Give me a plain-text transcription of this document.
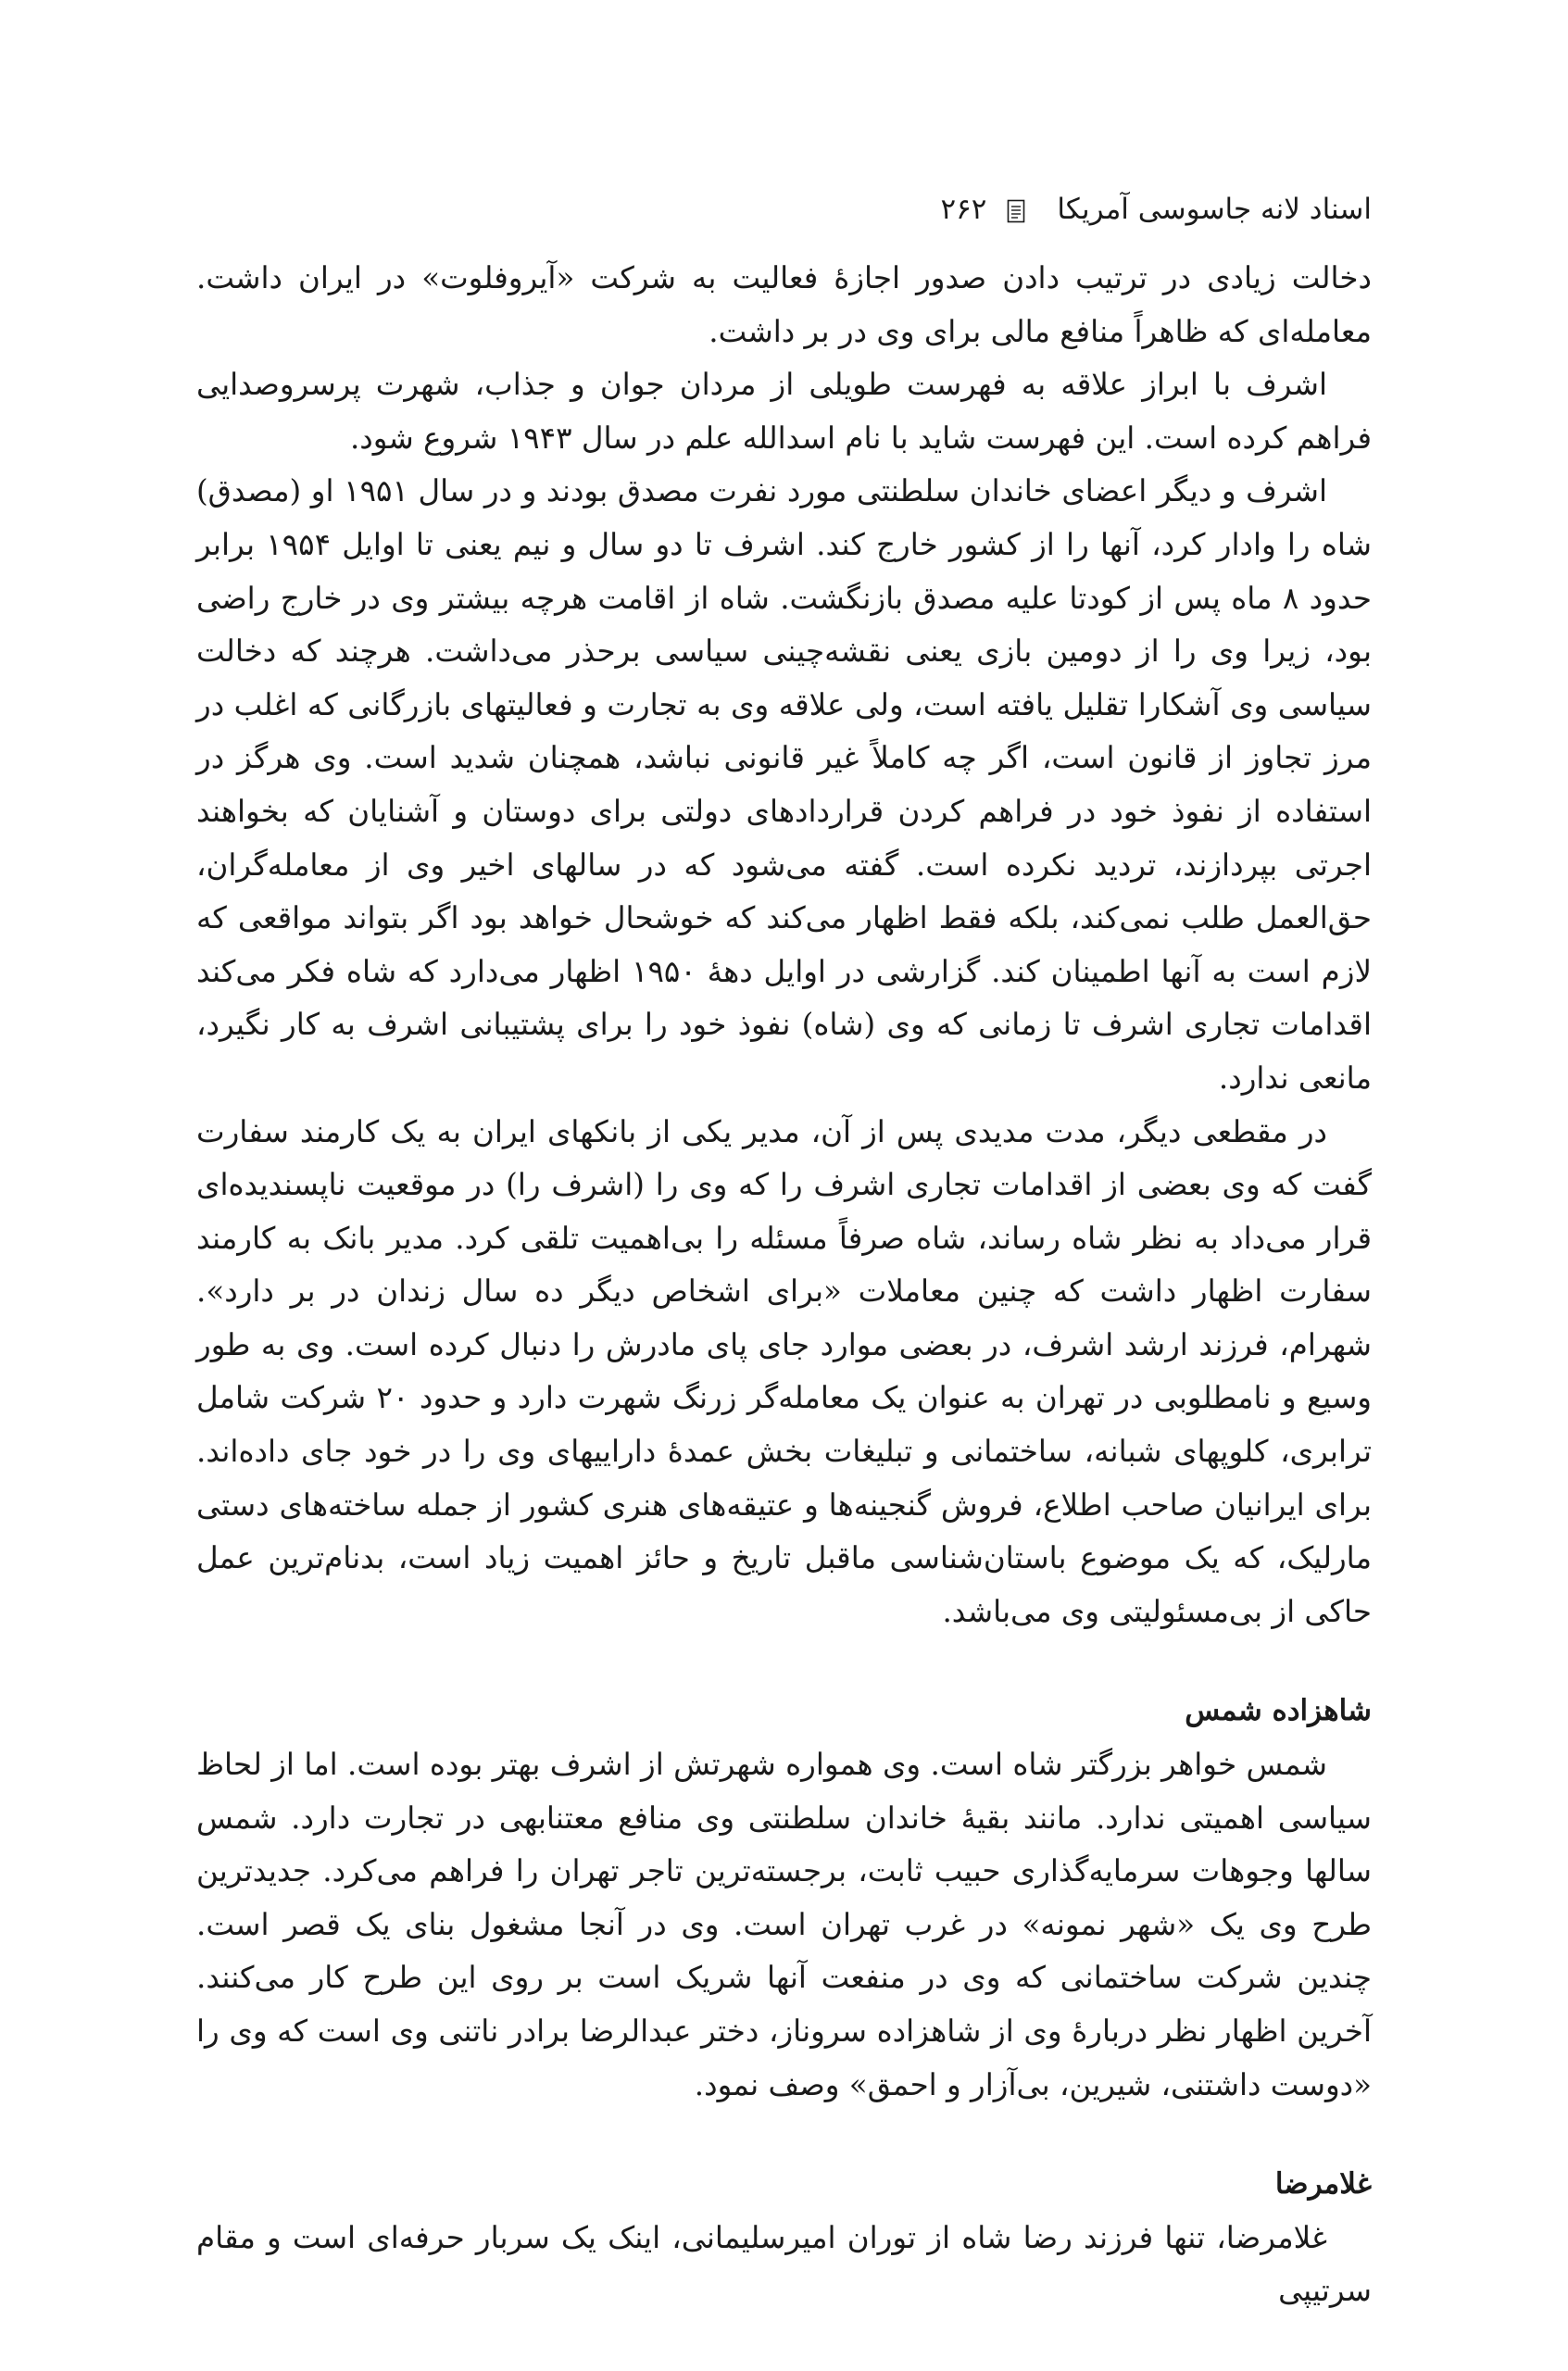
اسناد لانه جاسوسی آمریکا
۲۶۲

دخالت زیادی در ترتیب دادن صدور اجازهٔ فعالیت به شرکت «آیروفلوت» در ایران داشت. معامله‌ای که ظاهراً منافع مالی برای وی در بر داشت.

اشرف با ابراز علاقه به فهرست طویلی از مردان جوان و جذاب، شهرت پرسروصدایی فراهم کرده است. این فهرست شاید با نام اسدالله علم در سال ۱۹۴۳ شروع شود.

اشرف و دیگر اعضای خاندان سلطنتی مورد نفرت مصدق بودند و در سال ۱۹۵۱ او (مصدق) شاه را وادار کرد، آنها را از کشور خارج کند. اشرف تا دو سال و نیم یعنی تا اوایل ۱۹۵۴ برابر حدود ۸ ماه پس از کودتا علیه مصدق بازنگشت. شاه از اقامت هرچه بیشتر وی در خارج راضی بود، زیرا وی را از دومین بازی یعنی نقشه‌چینی سیاسی برحذر می‌داشت. هرچند که دخالت سیاسی وی آشکارا تقلیل یافته است، ولی علاقه وی به تجارت و فعالیتهای بازرگانی که اغلب در مرز تجاوز از قانون است، اگر چه کاملاً غیر قانونی نباشد، همچنان شدید است. وی هرگز در استفاده از نفوذ خود در فراهم کردن قراردادهای دولتی برای دوستان و آشنایان که بخواهند اجرتی بپردازند، تردید نکرده است. گفته می‌شود که در سالهای اخیر وی از معامله‌گران، حق‌العمل طلب نمی‌کند، بلکه فقط اظهار می‌کند که خوشحال خواهد بود اگر بتواند مواقعی که لازم است به آنها اطمینان کند. گزارشی در اوایل دههٔ ۱۹۵۰ اظهار می‌دارد که شاه فکر می‌کند اقدامات تجاری اشرف تا زمانی که وی (شاه) نفوذ خود را برای پشتیبانی اشرف به کار نگیرد، مانعی ندارد.

در مقطعی دیگر، مدت مدیدی پس از آن، مدیر یکی از بانکهای ایران به یک کارمند سفارت گفت که وی بعضی از اقدامات تجاری اشرف را که وی را (اشرف را) در موقعیت ناپسندیده‌ای قرار می‌داد به نظر شاه رساند، شاه صرفاً مسئله را بی‌اهمیت تلقی کرد. مدیر بانک به کارمند سفارت اظهار داشت که چنین معاملات «برای اشخاص دیگر ده سال زندان در بر دارد». شهرام، فرزند ارشد اشرف، در بعضی موارد جای پای مادرش را دنبال کرده است. وی به طور وسیع و نامطلوبی در تهران به عنوان یک معامله‌گر زرنگ شهرت دارد و حدود ۲۰ شرکت شامل ترابری، کلوپهای شبانه، ساختمانی و تبلیغات بخش عمدهٔ داراییهای وی را در خود جای داده‌اند. برای ایرانیان صاحب اطلاع، فروش گنجینه‌ها و عتیقه‌های هنری کشور از جمله ساخته‌های دستی مارلیک، که یک موضوع باستان‌شناسی ماقبل تاریخ و حائز اهمیت زیاد است، بدنام‌ترین عمل حاکی از بی‌مسئولیتی وی می‌باشد.

شاهزاده شمس

شمس خواهر بزرگتر شاه است. وی همواره شهرتش از اشرف بهتر بوده است. اما از لحاظ سیاسی اهمیتی ندارد. مانند بقیهٔ خاندان سلطنتی وی منافع معتنابهی در تجارت دارد. شمس سالها وجوهات سرمایه‌گذاری حبیب ثابت، برجسته‌ترین تاجر تهران را فراهم می‌کرد. جدیدترین طرح وی یک «شهر نمونه» در غرب تهران است. وی در آنجا مشغول بنای یک قصر است. چندین شرکت ساختمانی که وی در منفعت آنها شریک است بر روی این طرح کار می‌کنند. آخرین اظهار نظر دربارهٔ وی از شاهزاده سروناز، دختر عبدالرضا برادر ناتنی وی است که وی را «دوست داشتنی، شیرین، بی‌آزار و احمق» وصف نمود.

غلامرضا

غلامرضا، تنها فرزند رضا شاه از توران امیرسلیمانی، اینک یک سربار حرفه‌ای است و مقام سرتیپی
